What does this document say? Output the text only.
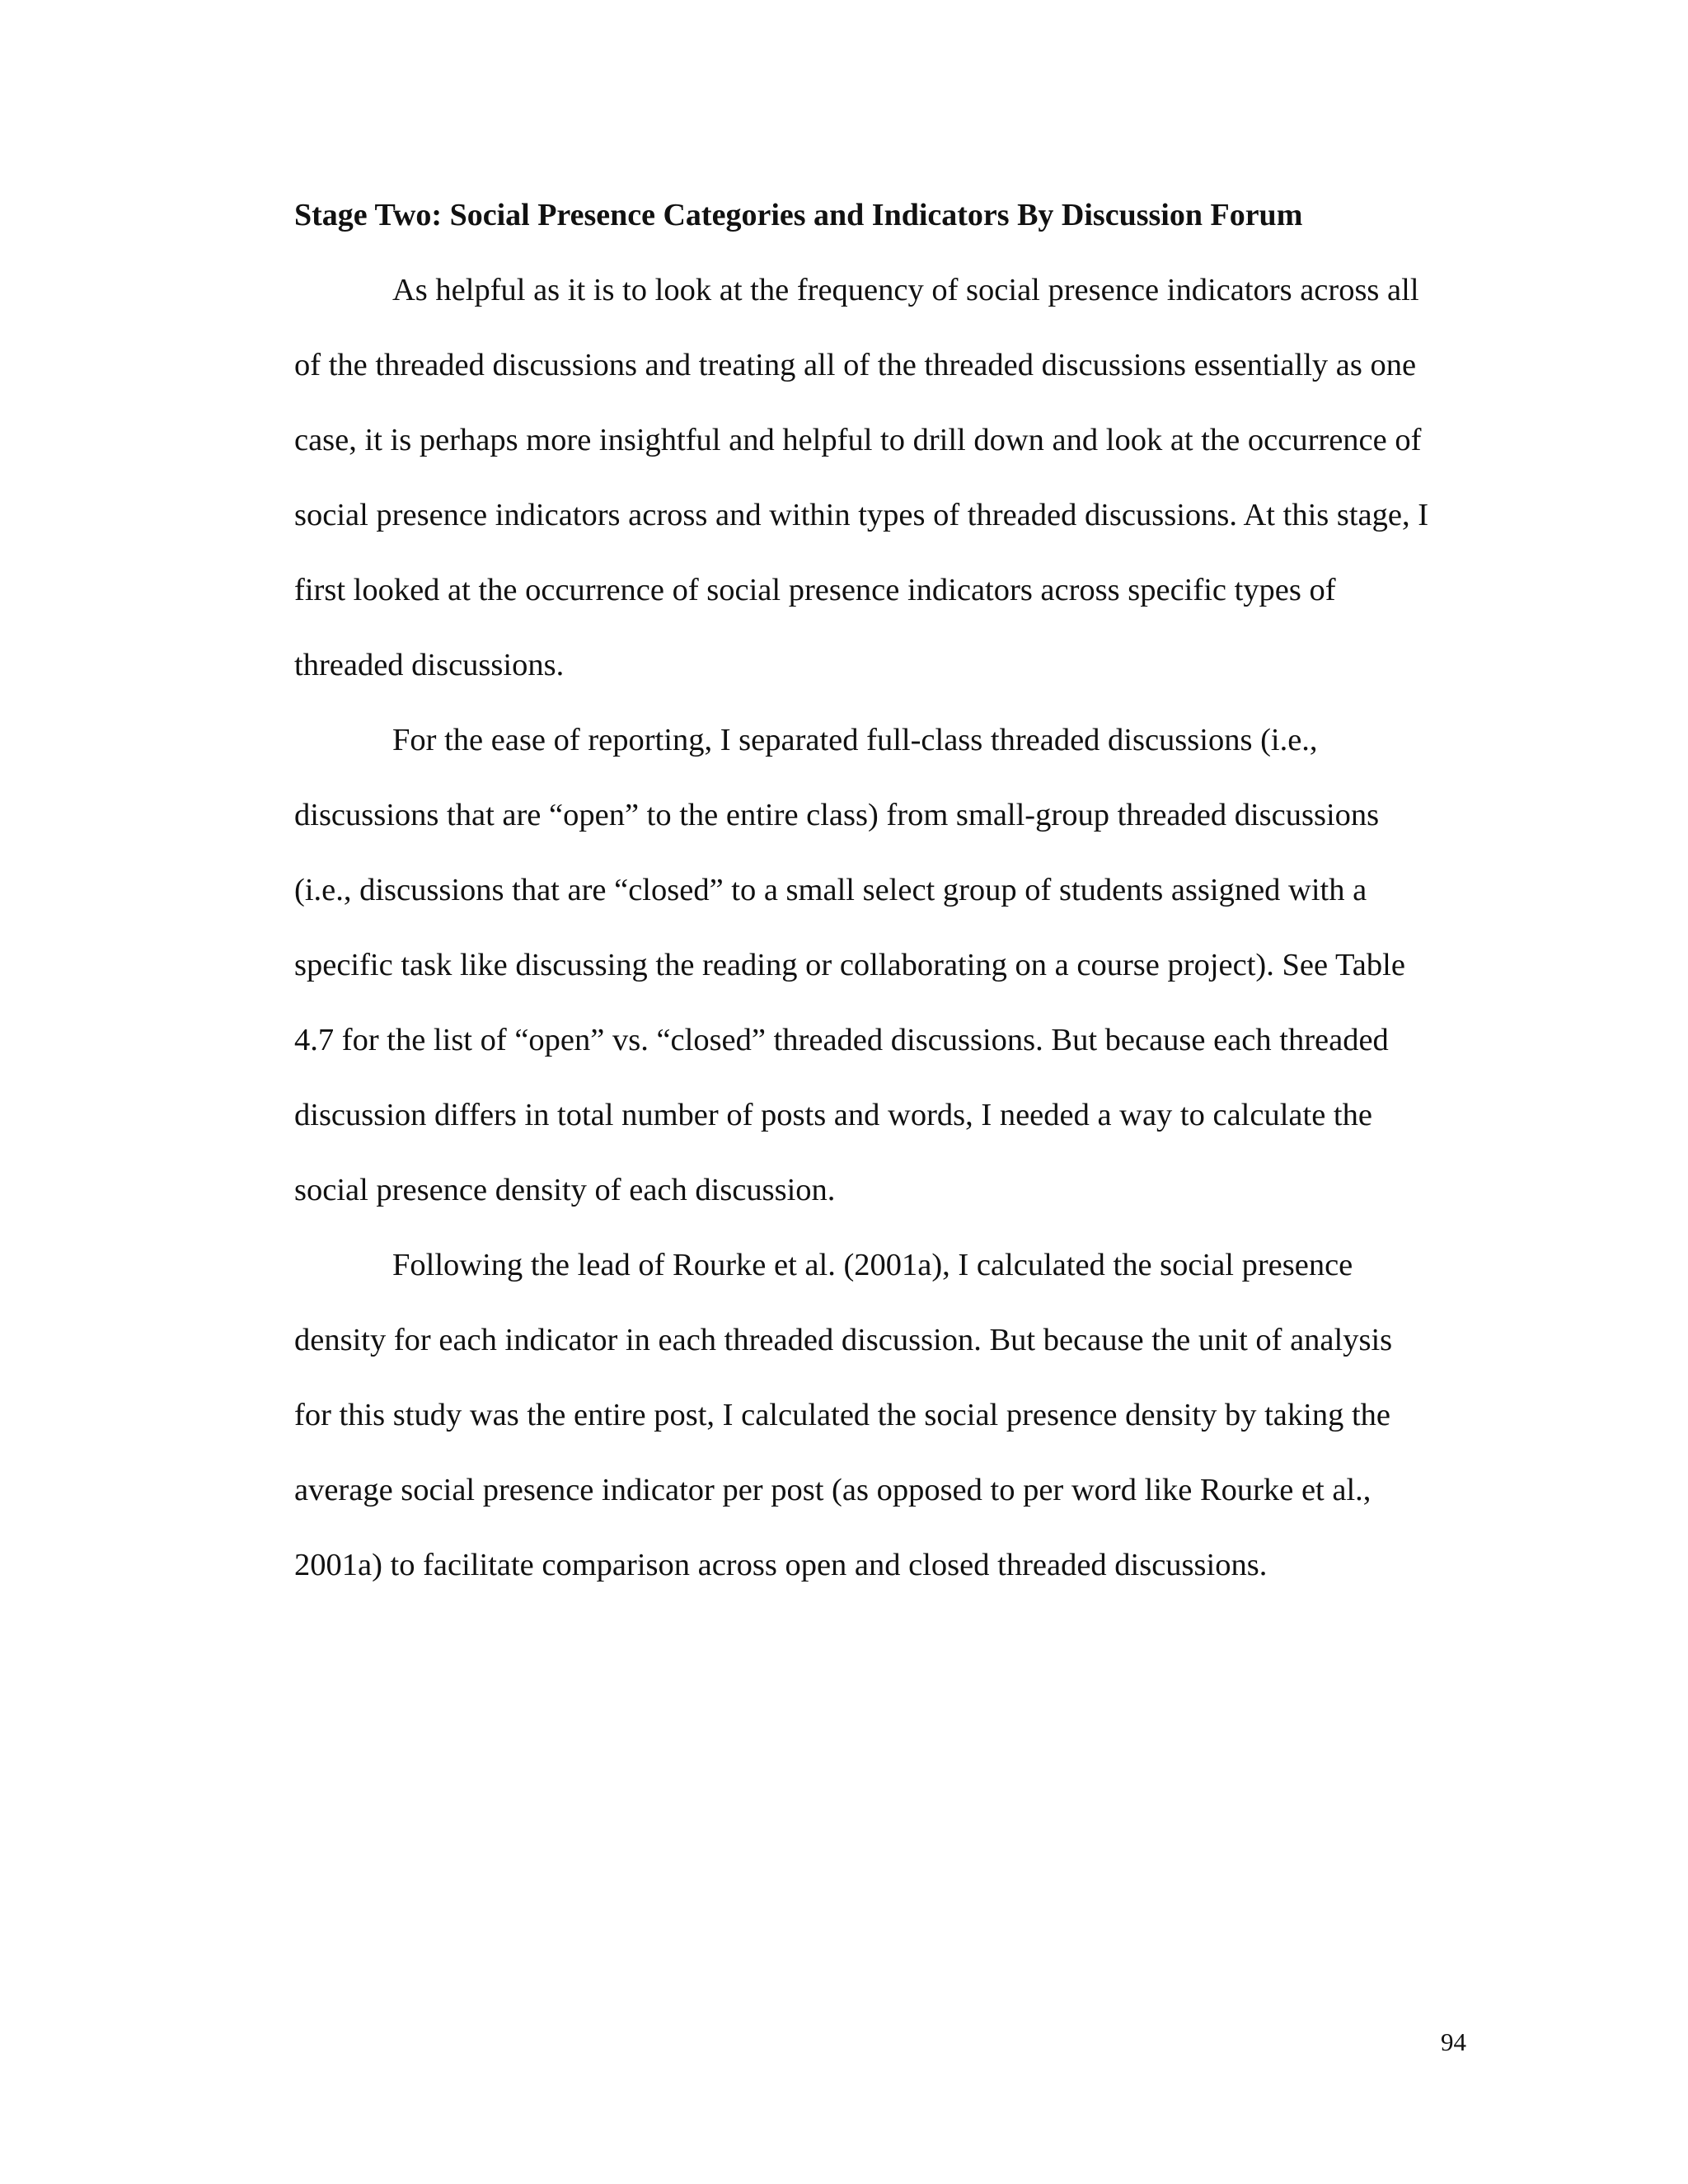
Stage Two: Social Presence Categories and Indicators By Discussion Forum
As helpful as it is to look at the frequency of social presence indicators across all
of the threaded discussions and treating all of the threaded discussions essentially as one
case, it is perhaps more insightful and helpful to drill down and look at the occurrence of
social presence indicators across and within types of threaded discussions. At this stage, I
first looked at the occurrence of social presence indicators across specific types of
threaded discussions.
For the ease of reporting, I separated full-class threaded discussions (i.e.,
discussions that are “open” to the entire class) from small-group threaded discussions
(i.e., discussions that are “closed” to a small select group of students assigned with a
specific task like discussing the reading or collaborating on a course project). See Table
4.7 for the list of “open” vs. “closed” threaded discussions. But because each threaded
discussion differs in total number of posts and words, I needed a way to calculate the
social presence density of each discussion.
Following the lead of Rourke et al. (2001a), I calculated the social presence
density for each indicator in each threaded discussion. But because the unit of analysis
for this study was the entire post, I calculated the social presence density by taking the
average social presence indicator per post (as opposed to per word like Rourke et al.,
2001a) to facilitate comparison across open and closed threaded discussions.
94
